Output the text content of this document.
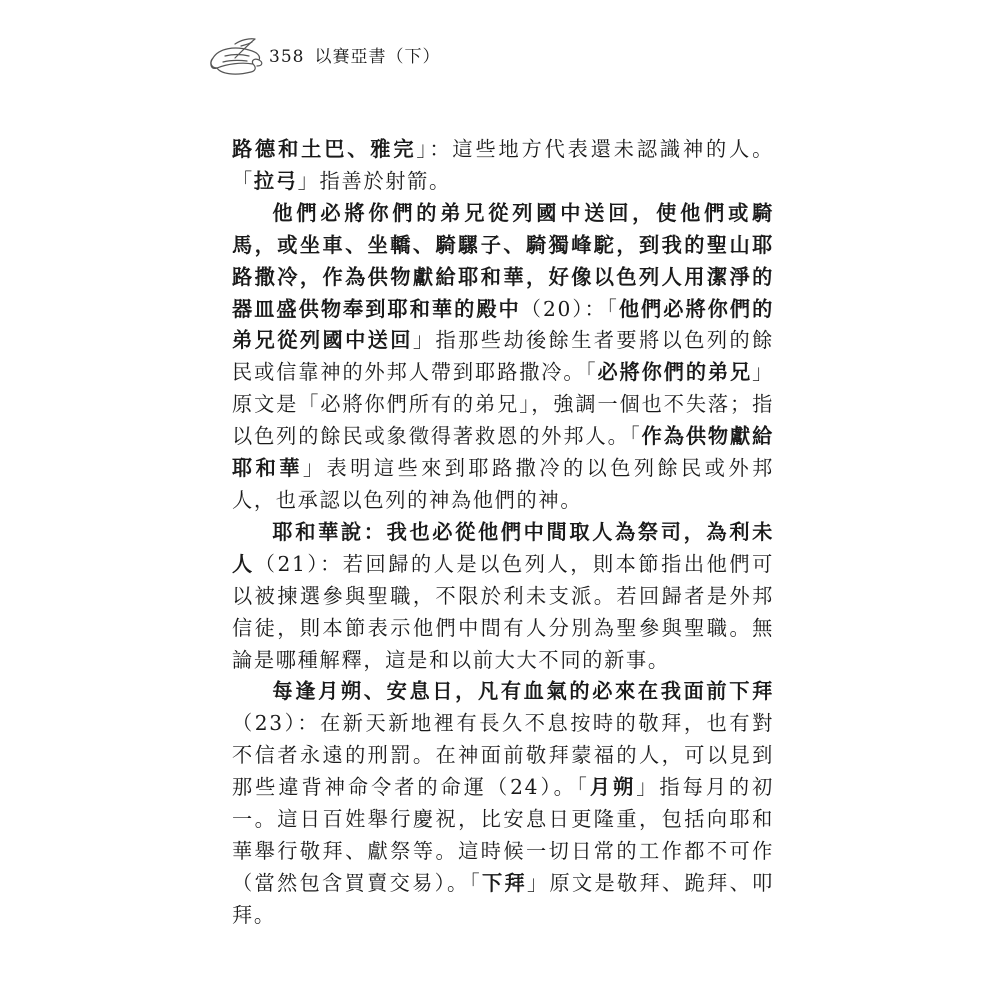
358 以賽亞書（下）

路德和土巴、雅完」：這些地方代表還未認識神的人。「拉弓」指善於射箭。

他們必將你們的弟兄從列國中送回，使他們或騎馬，或坐車、坐轎、騎騾子、騎獨峰駝，到我的聖山耶路撒冷，作為供物獻給耶和華，好像以色列人用潔淨的器皿盛供物奉到耶和華的殿中（20）：「他們必將你們的弟兄從列國中送回」指那些劫後餘生者要將以色列的餘民或信靠神的外邦人帶到耶路撒冷。「必將你們的弟兄」原文是「必將你們所有的弟兄」，強調一個也不失落；指以色列的餘民或象徵得著救恩的外邦人。「作為供物獻給耶和華」表明這些來到耶路撒冷的以色列餘民或外邦人，也承認以色列的神為他們的神。

耶和華說：我也必從他們中間取人為祭司，為利未人（21）：若回歸的人是以色列人，則本節指出他們可以被揀選參與聖職，不限於利未支派。若回歸者是外邦信徒，則本節表示他們中間有人分別為聖參與聖職。無論是哪種解釋，這是和以前大大不同的新事。

每逢月朔、安息日，凡有血氣的必來在我面前下拜（23）：在新天新地裡有長久不息按時的敬拜，也有對不信者永遠的刑罰。在神面前敬拜蒙福的人，可以見到那些違背神命令者的命運（24）。「月朔」指每月的初一。這日百姓舉行慶祝，比安息日更隆重，包括向耶和華舉行敬拜、獻祭等。這時候一切日常的工作都不可作（當然包含買賣交易）。「下拜」原文是敬拜、跪拜、叩拜。
